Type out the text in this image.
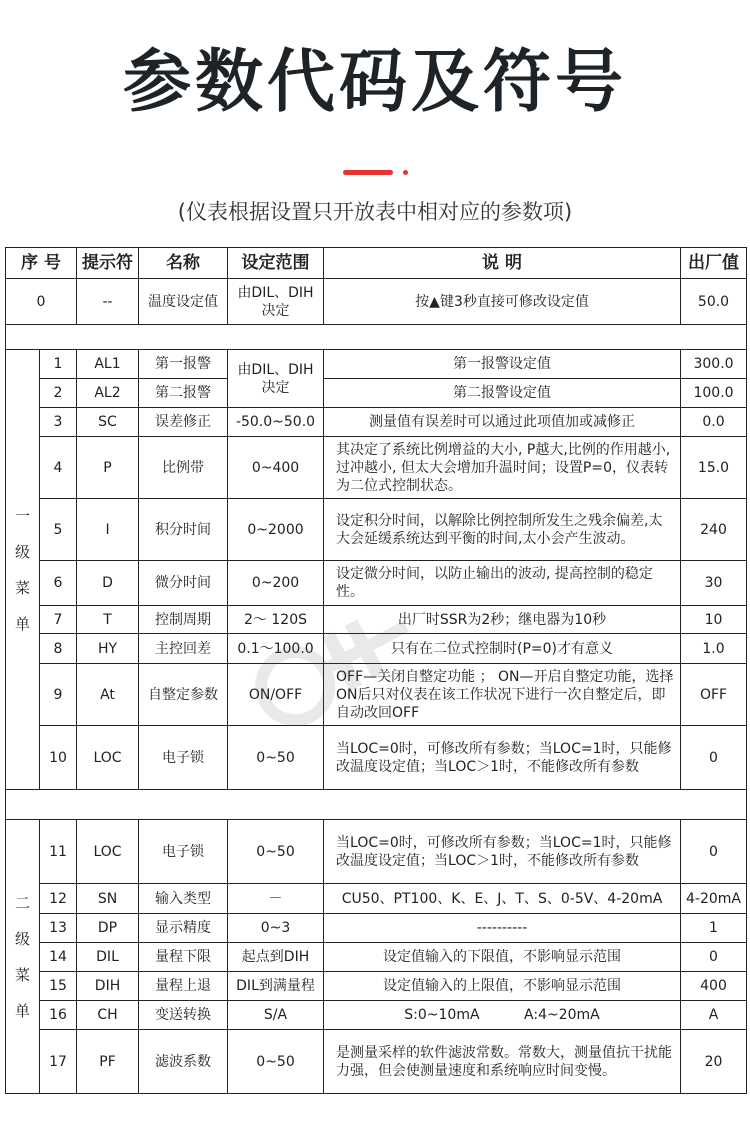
参数代码及符号
(仪表根据设置只开放表中相对应的参数项)
序 号		提示符	名称	设定范围	说 明	出厂值
0		--	温度设定值	由DIL、DIH决定	按▲键3秒直接可修改设定值	50.0

一
级
菜
单	1	AL1	第一报警	由DIL、DIH决定	第一报警设定值	300.0
	2	AL2	第二报警		第二报警设定值	100.0
	3	SC	误差修正	-50.0~50.0	测量值有误差时可以通过此项值加或减修正	0.0
	4	P	比例带	0~400	其决定了系统比例增益的大小, P越大,比例的作用越小,过冲越小, 但太大会增加升温时间；设置P=0，仪表转为二位式控制状态。	15.0
	5	I	积分时间	0~2000	设定积分时间，以解除比例控制所发生之残余偏差,太大会延缓系统达到平衡的时间,太小会产生波动。	240
	6	D	微分时间	0~200	设定微分时间，以防止输出的波动, 提高控制的稳定性。	30
	7	T	控制周期	2～ 120S	出厂时SSR为2秒；继电器为10秒	10
	8	HY	主控回差	0.1～100.0	只有在二位式控制时(P=0)才有意义	1.0
	9	At	自整定参数	ON/OFF	OFF—关闭自整定功能 ； ON—开启自整定功能，选择ON后只对仪表在该工作状况下进行一次自整定后，即自动改回OFF	OFF
	10	LOC	电子锁	0~50	当LOC=0时，可修改所有参数；当LOC=1时，只能修改温度设定值；当LOC＞1时，不能修改所有参数	0

二
级
菜
单	11	LOC	电子锁	0~50	当LOC=0时，可修改所有参数；当LOC=1时，只能修改温度设定值；当LOC＞1时，不能修改所有参数	0
	12	SN	输入类型	－	CU50、PT100、K、E、J、T、S、0-5V、4-20mA	4-20mA
	13	DP	显示精度	0~3	----------	1
	14	DIL	量程下限	起点到DIH	设定值输入的下限值，不影响显示范围	0
	15	DIH	量程上退	DIL到满量程	设定值输入的上限值，不影响显示范围	400
	16	CH	变送转换	S/A	S:0~10mA          A:4~20mA	A
	17	PF	滤波系数	0~50	是测量采样的软件滤波常数。常数大，测量值抗干扰能力强，但会使测量速度和系统响应时间变慢。	20
